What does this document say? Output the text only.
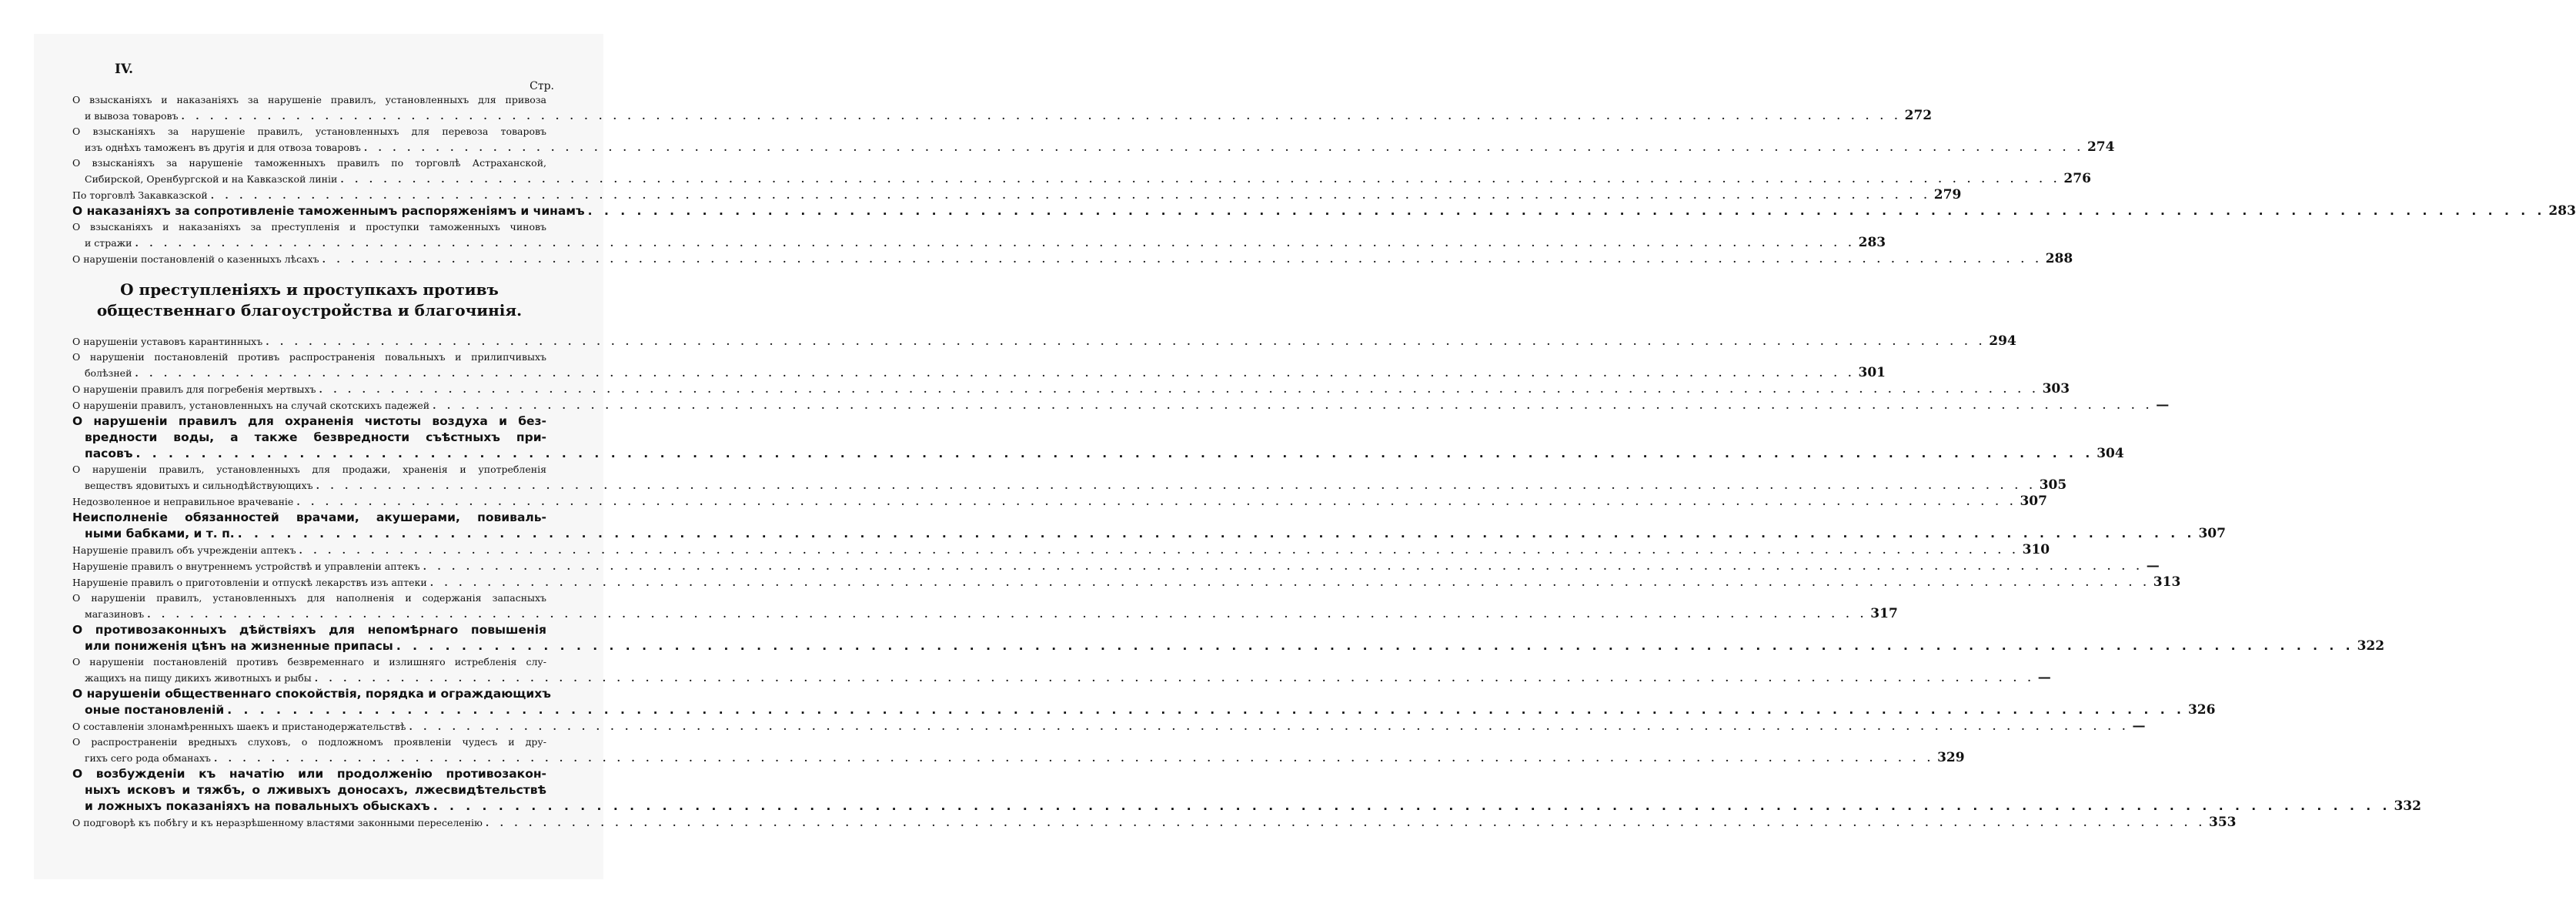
IV.
Стр.
О взысканіяхъ и наказаніяхъ за нарушеніе правилъ, установленныхъ для привоза
и вывоза товаровъ . . .	272
О взысканіяхъ за нарушеніе правилъ, установленныхъ для перевоза товаровъ
изъ однѣхъ таможенъ въ другія и для отвоза товаровъ . . .	274
О взысканіяхъ за нарушеніе таможенныхъ правилъ по торговлѣ Астраханской,
Сибирской, Оренбургской и на Кавказской линіи . . .	276
По торговлѣ Закавказской . . .	279
О наказаніяхъ за сопротивленіе таможеннымъ распоряженіямъ и чинамъ . . .	283
О взысканіяхъ и наказаніяхъ за преступленія и проступки таможенныхъ чиновъ
и стражи . . .	283
О нарушеніи постановленій о казенныхъ лѣсахъ . . .	288
О преступленіяхъ и проступкахъ противъ общественнаго благоустройства и благочинія.
О нарушеніи уставовъ карантинныхъ . . .	294
О нарушеніи постановленій противъ распространенія повальныхъ и прилипчивыхъ
болѣзней . . .	301
О нарушеніи правилъ для погребенія мертвыхъ . . .	303
О нарушеніи правилъ, установленныхъ на случай скотскихъ падежей . . .	—
О нарушеніи правилъ для охраненія чистоты воздуха и без-
вредности воды, а также безвредности съѣстныхъ при-
пасовъ . . .	304
О нарушеніи правилъ, установленныхъ для продажи, храненія и употребленія
веществъ ядовитыхъ и сильнодѣйствующихъ . . .	305
Недозволенное и неправильное врачеваніе . . .	307
Неисполненіе обязанностей врачами, акушерами, повиваль-
ными бабками, и т. п. . . .	307
Нарушеніе правилъ объ учрежденіи аптекъ . . .	310
Нарушеніе правилъ о внутреннемъ устройствѣ и управленіи аптекъ . . .	—
Нарушеніе правилъ о приготовленіи и отпускѣ лекарствъ изъ аптеки . . .	313
О нарушеніи правилъ, установленныхъ для наполненія и содержанія запасныхъ
магазиновъ . . .	317
О противозаконныхъ дѣйствіяхъ для непомѣрнаго повышенія
или пониженія цѣнъ на жизненные припасы . . .	322
О нарушеніи постановленій противъ безвременнаго и излишняго истребленія слу-
жащихъ на пищу дикихъ животныхъ и рыбы . . .	—
О нарушеніи общественнаго спокойствія, порядка и ограждающихъ
оные постановленій . . .	326
О составленіи злонамѣренныхъ шаекъ и пристанодержательствѣ . . .	—
О распространеніи вредныхъ слуховъ, о подложномъ проявленіи чудесъ и дру-
гихъ сего рода обманахъ . . .	329
О возбужденіи къ начатію или продолженію противозакон-
ныхъ исковъ и тяжбъ, о лживыхъ доносахъ, лжесвидѣтельствѣ
и ложныхъ показаніяхъ на повальныхъ обыскахъ . . .	332
О подговорѣ къ побѣгу и къ неразрѣшенному властями законными переселенію . . .	353
